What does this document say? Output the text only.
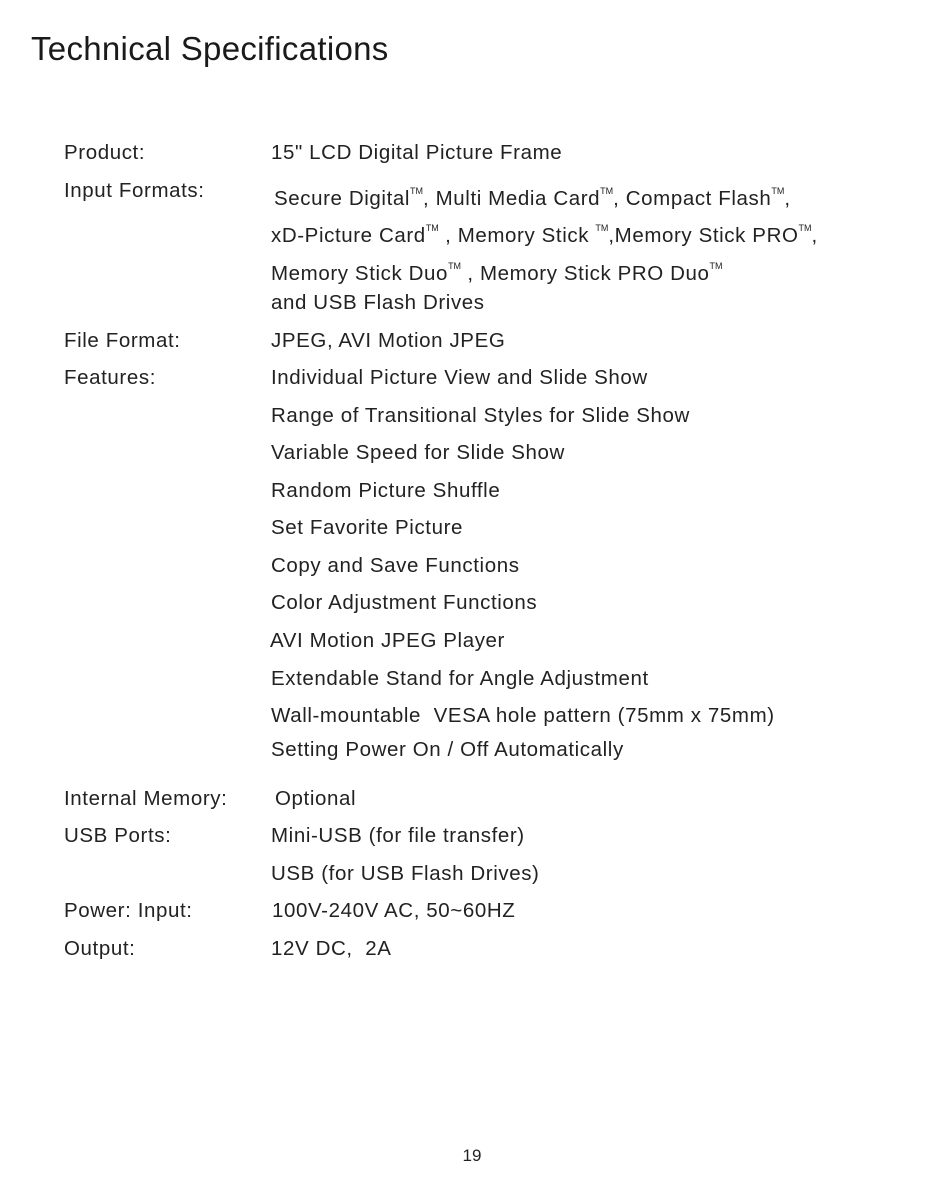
Technical Specifications
Product:	15" LCD Digital Picture Frame
Input Formats:	Secure Digital™, Multi Media Card™, Compact Flash™,
xD-Picture Card™ , Memory Stick ™,Memory Stick PRO™,
Memory Stick Duo™ , Memory Stick PRO Duo™
and USB Flash Drives
File Format:	JPEG, AVI Motion JPEG
Features:	Individual Picture View and Slide Show
Range of Transitional Styles for Slide Show
Variable Speed for Slide Show
Random Picture Shuffle
Set Favorite Picture
Copy and Save Functions
Color Adjustment Functions
AVI Motion JPEG Player
Extendable Stand for Angle Adjustment
Wall-mountable  VESA hole pattern (75mm x 75mm)
Setting Power On / Off Automatically
Internal Memory: Optional
USB Ports:	Mini-USB (for file transfer)
USB (for USB Flash Drives)
Power: Input:	100V-240V AC, 50~60HZ
Output:	12V DC,  2A
19
